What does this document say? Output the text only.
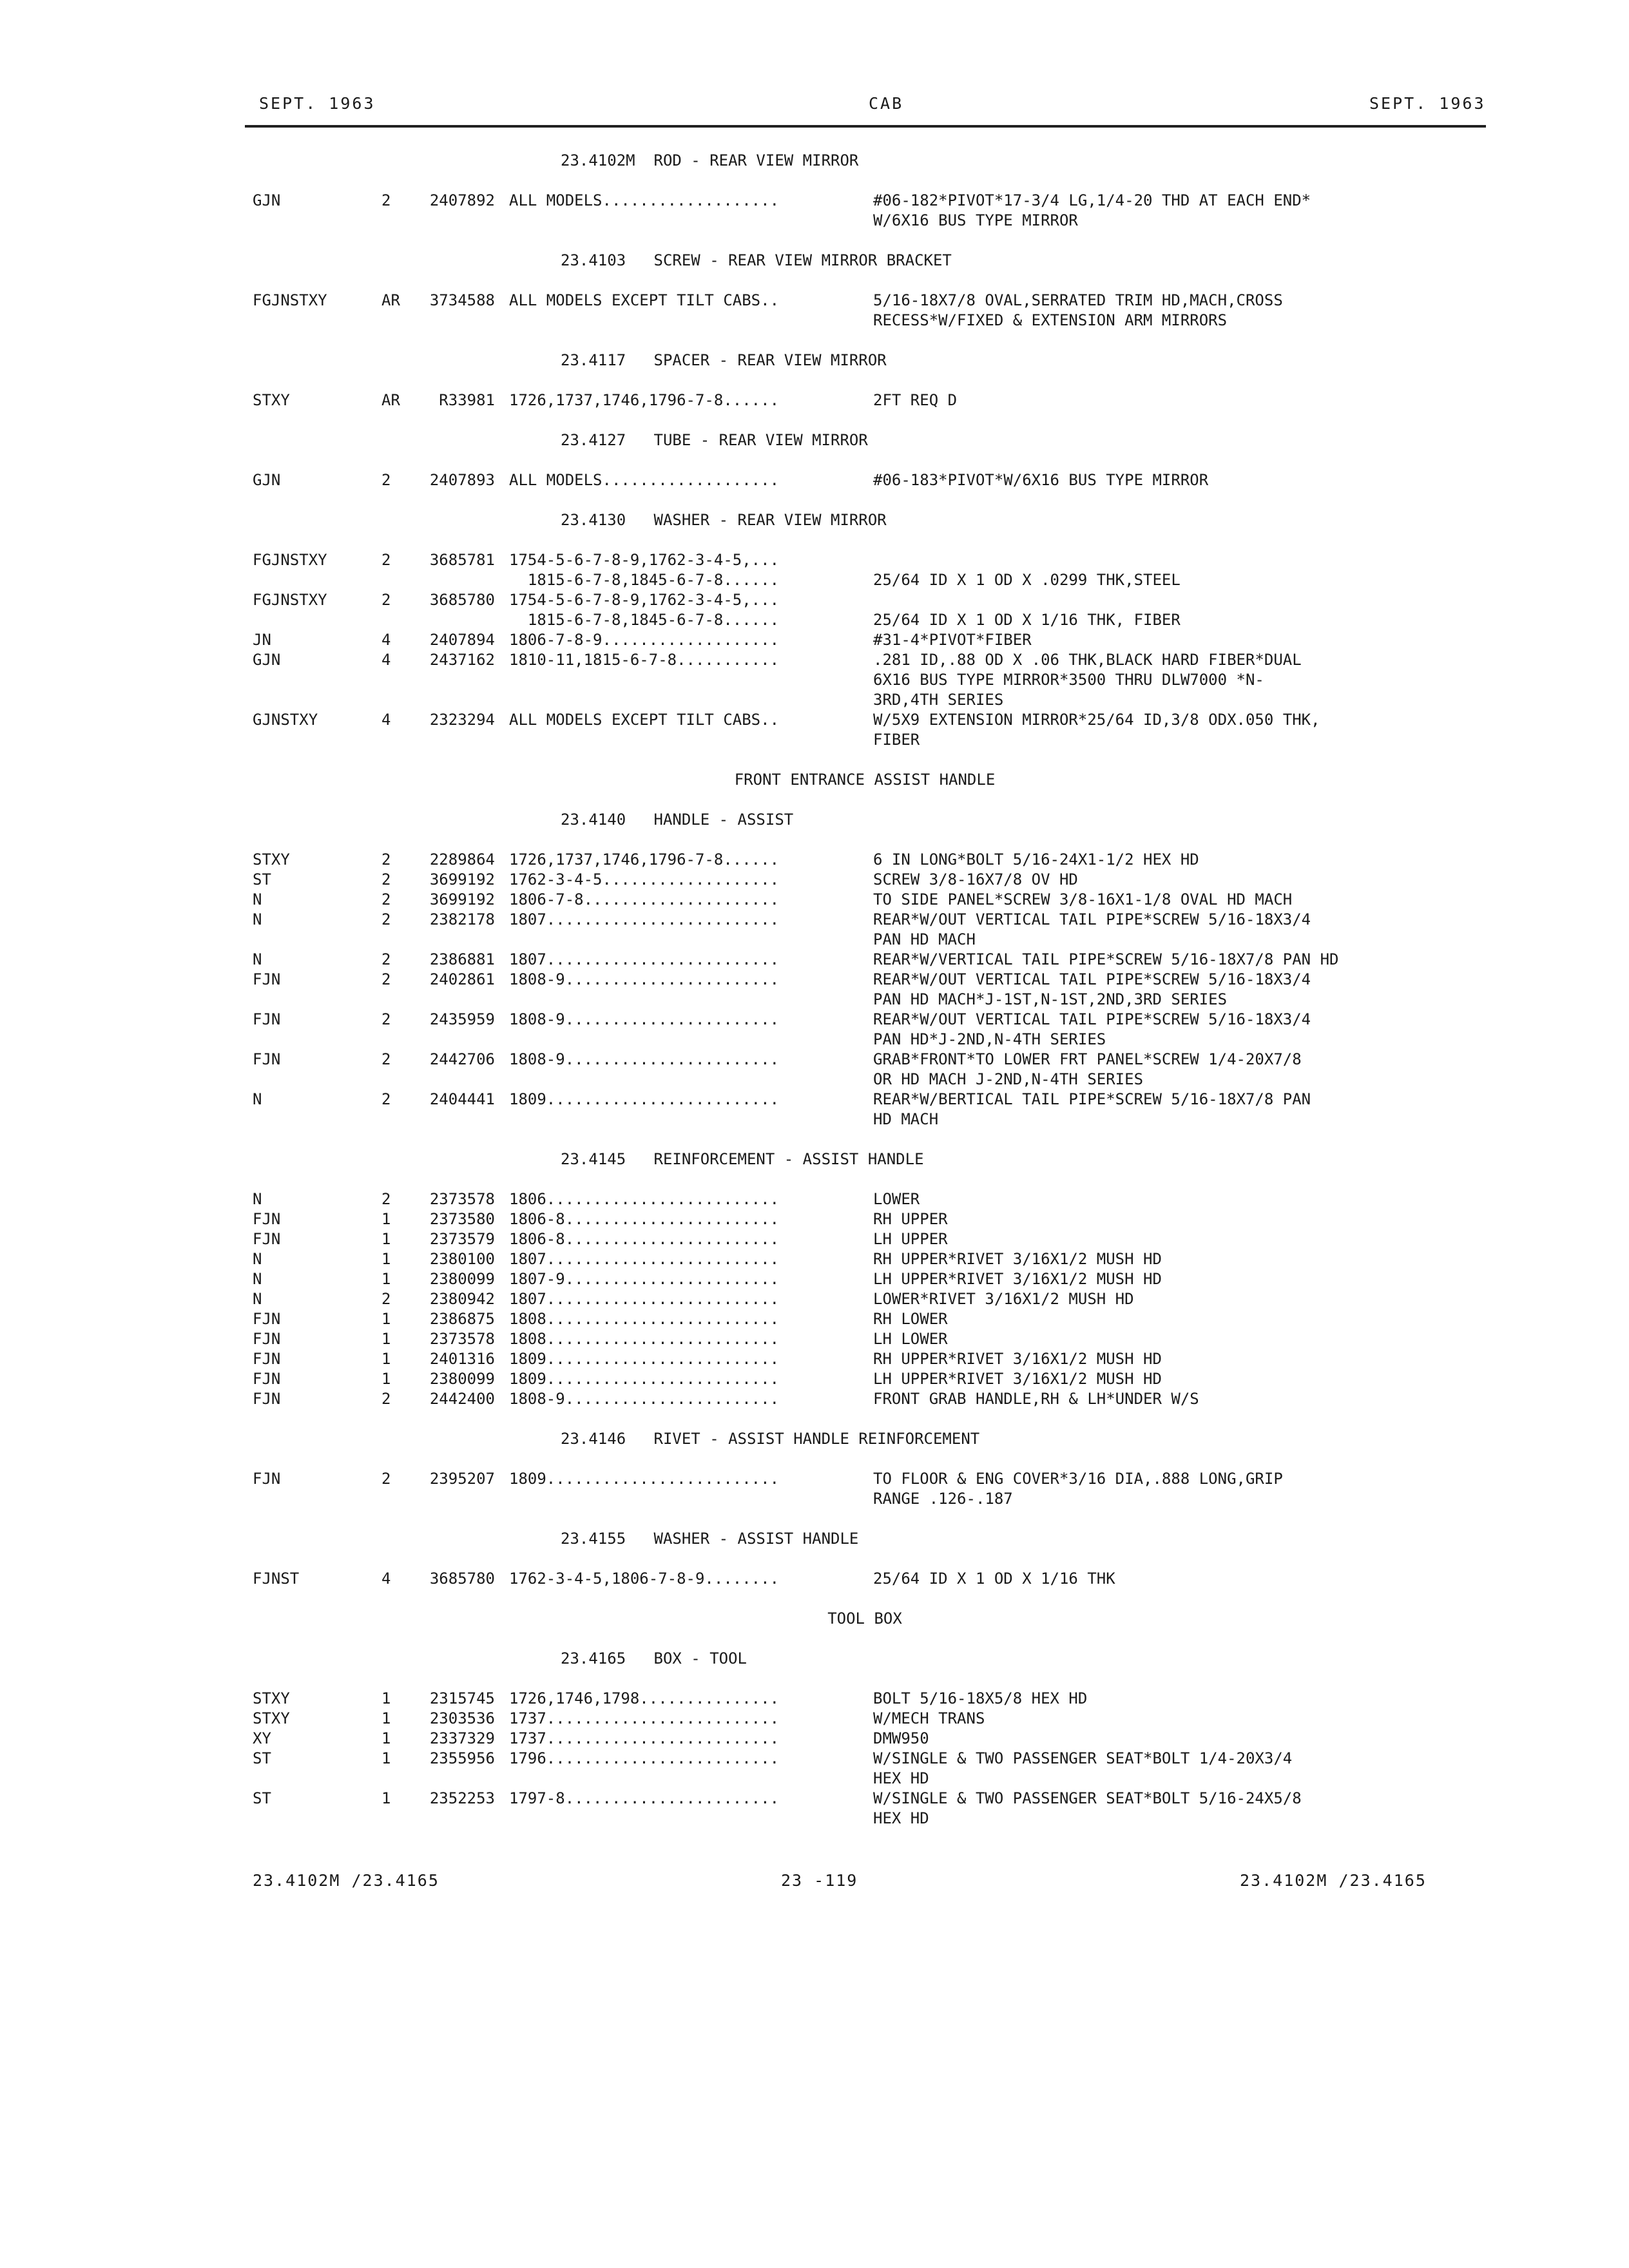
SEPT. 1963	CAB	SEPT. 1963
23.4102M  ROD - REAR VIEW MIRROR
GJN	2	2407892 ALL MODELS...................	#06-182*PIVOT*17-3/4 LG,1/4-20 THD AT EACH END*
W/6X16 BUS TYPE MIRROR
23.4103   SCREW - REAR VIEW MIRROR BRACKET
FGJNSTXY	AR	3734588 ALL MODELS EXCEPT TILT CABS..	5/16-18X7/8 OVAL,SERRATED TRIM HD,MACH,CROSS
RECESS*W/FIXED & EXTENSION ARM MIRRORS
23.4117   SPACER - REAR VIEW MIRROR
STXY	AR	R33981 1726,1737,1746,1796-7-8......	2FT REQ D
23.4127   TUBE - REAR VIEW MIRROR
GJN	2	2407893 ALL MODELS...................	#06-183*PIVOT*W/6X16 BUS TYPE MIRROR
23.4130   WASHER - REAR VIEW MIRROR
FGJNSTXY	2	3685781 1754-5-6-7-8-9,1762-3-4-5,...
1815-6-7-8,1845-6-7-8......	25/64 ID X 1 OD X .0299 THK,STEEL
FGJNSTXY	2	3685780 1754-5-6-7-8-9,1762-3-4-5,...
1815-6-7-8,1845-6-7-8......	25/64 ID X 1 OD X 1/16 THK, FIBER
JN	4	2407894 1806-7-8-9...................	#31-4*PIVOT*FIBER
GJN	4	2437162 1810-11,1815-6-7-8...........	.281 ID,.88 OD X .06 THK,BLACK HARD FIBER*DUAL
6X16 BUS TYPE MIRROR*3500 THRU DLW7000 *N-
3RD,4TH SERIES
GJNSTXY	4	2323294 ALL MODELS EXCEPT TILT CABS..	W/5X9 EXTENSION MIRROR*25/64 ID,3/8 ODX.050 THK,
FIBER
FRONT ENTRANCE ASSIST HANDLE
23.4140   HANDLE - ASSIST
STXY	2	2289864 1726,1737,1746,1796-7-8......	6 IN LONG*BOLT 5/16-24X1-1/2 HEX HD
ST	2	3699192 1762-3-4-5...................	SCREW 3/8-16X7/8 OV HD
N	2	3699192 1806-7-8.....................	TO SIDE PANEL*SCREW 3/8-16X1-1/8 OVAL HD MACH
N	2	2382178 1807.........................	REAR*W/OUT VERTICAL TAIL PIPE*SCREW 5/16-18X3/4
PAN HD MACH
N	2	2386881 1807.........................	REAR*W/VERTICAL TAIL PIPE*SCREW 5/16-18X7/8 PAN HD
FJN	2	2402861 1808-9.......................	REAR*W/OUT VERTICAL TAIL PIPE*SCREW 5/16-18X3/4
PAN HD MACH*J-1ST,N-1ST,2ND,3RD SERIES
FJN	2	2435959 1808-9.......................	REAR*W/OUT VERTICAL TAIL PIPE*SCREW 5/16-18X3/4
PAN HD*J-2ND,N-4TH SERIES
FJN	2	2442706 1808-9.......................	GRAB*FRONT*TO LOWER FRT PANEL*SCREW 1/4-20X7/8
OR HD MACH J-2ND,N-4TH SERIES
N	2	2404441 1809.........................	REAR*W/BERTICAL TAIL PIPE*SCREW 5/16-18X7/8 PAN
HD MACH
23.4145   REINFORCEMENT - ASSIST HANDLE
N	2	2373578 1806.........................	LOWER
FJN	1	2373580 1806-8.......................	RH UPPER
FJN	1	2373579 1806-8.......................	LH UPPER
N	1	2380100 1807.........................	RH UPPER*RIVET 3/16X1/2 MUSH HD
N	1	2380099 1807-9.......................	LH UPPER*RIVET 3/16X1/2 MUSH HD
N	2	2380942 1807.........................	LOWER*RIVET 3/16X1/2 MUSH HD
FJN	1	2386875 1808.........................	RH LOWER
FJN	1	2373578 1808.........................	LH LOWER
FJN	1	2401316 1809.........................	RH UPPER*RIVET 3/16X1/2 MUSH HD
FJN	1	2380099 1809.........................	LH UPPER*RIVET 3/16X1/2 MUSH HD
FJN	2	2442400 1808-9.......................	FRONT GRAB HANDLE,RH & LH*UNDER W/S
23.4146   RIVET - ASSIST HANDLE REINFORCEMENT
FJN	2	2395207 1809.........................	TO FLOOR & ENG COVER*3/16 DIA,.888 LONG,GRIP
RANGE .126-.187
23.4155   WASHER - ASSIST HANDLE
FJNST	4	3685780 1762-3-4-5,1806-7-8-9........	25/64 ID X 1 OD X 1/16 THK
TOOL BOX
23.4165   BOX - TOOL
STXY	1	2315745 1726,1746,1798...............	BOLT 5/16-18X5/8 HEX HD
STXY	1	2303536 1737.........................	W/MECH TRANS
XY	1	2337329 1737.........................	DMW950
ST	1	2355956 1796.........................	W/SINGLE & TWO PASSENGER SEAT*BOLT 1/4-20X3/4
HEX HD
ST	1	2352253 1797-8.......................	W/SINGLE & TWO PASSENGER SEAT*BOLT 5/16-24X5/8
HEX HD
23.4102M /23.4165	23 -119	23.4102M /23.4165
